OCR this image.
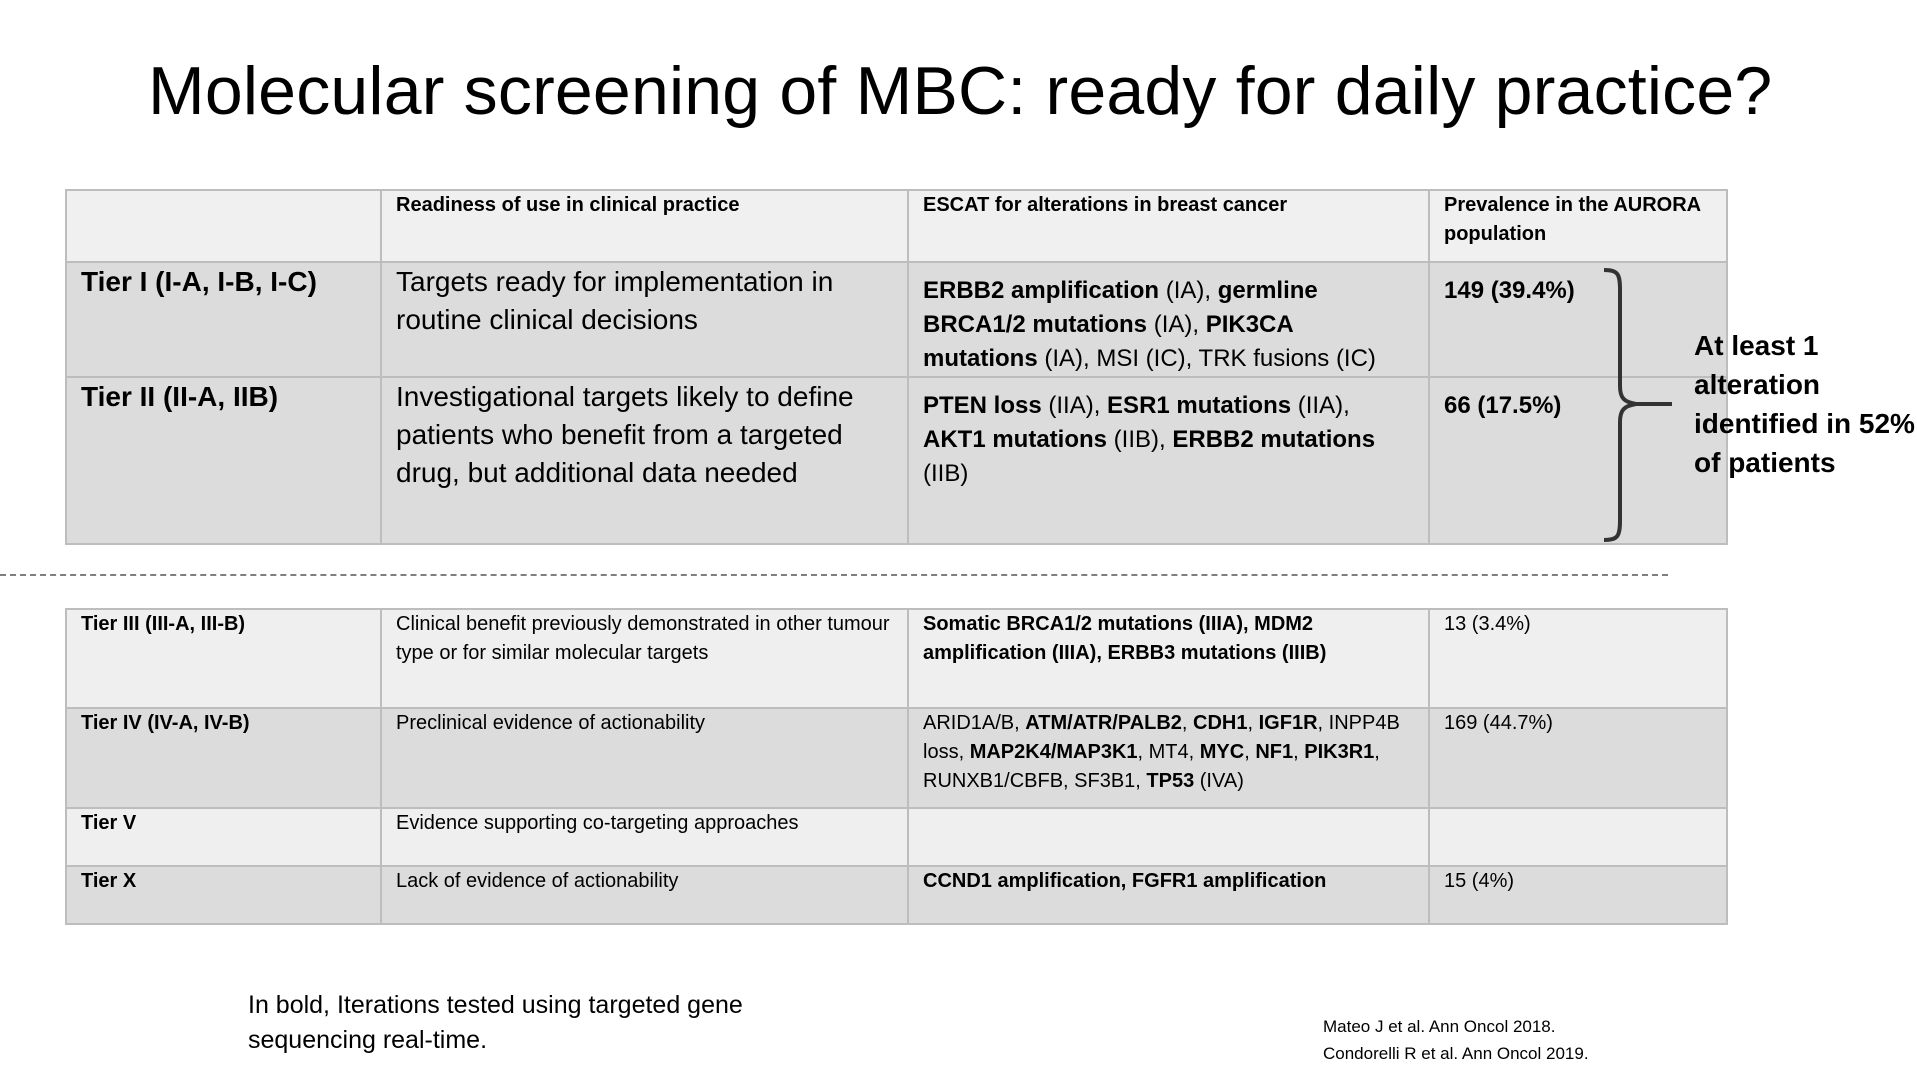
Molecular screening of MBC: ready for daily practice?
	Readiness of use in clinical practice	ESCAT for alterations in breast cancer	Prevalence in the AURORA population
Tier I (I-A, I-B, I-C)	Targets ready for implementation in routine clinical decisions	ERBB2 amplification (IA), germline BRCA1/2 mutations (IA), PIK3CA mutations (IA), MSI (IC), TRK fusions (IC)	149 (39.4%)
Tier II (II-A, IIB)	Investigational targets likely to define patients who benefit from a targeted drug, but additional data needed	PTEN loss (IIA), ESR1 mutations (IIA), AKT1 mutations (IIB), ERBB2 mutations (IIB)	66 (17.5%)
At least 1 alteration identified in 52% of patients
Tier III (III-A, III-B)	Clinical benefit previously demonstrated in other tumour type or for similar molecular targets	Somatic BRCA1/2 mutations (IIIA), MDM2 amplification (IIIA), ERBB3 mutations (IIIB)	13 (3.4%)
Tier IV (IV-A, IV-B)	Preclinical evidence of actionability	ARID1A/B, ATM/ATR/PALB2, CDH1, IGF1R, INPP4B loss, MAP2K4/MAP3K1, MT4, MYC, NF1, PIK3R1, RUNXB1/CBFB, SF3B1, TP53 (IVA)	169 (44.7%)
Tier V	Evidence supporting co-targeting approaches		
Tier X	Lack of evidence of actionability	CCND1 amplification, FGFR1 amplification	15 (4%)
In bold, Iterations tested using targeted gene
sequencing real-time.	Mateo J et al. Ann Oncol 2018.
Condorelli R et al. Ann Oncol 2019.
